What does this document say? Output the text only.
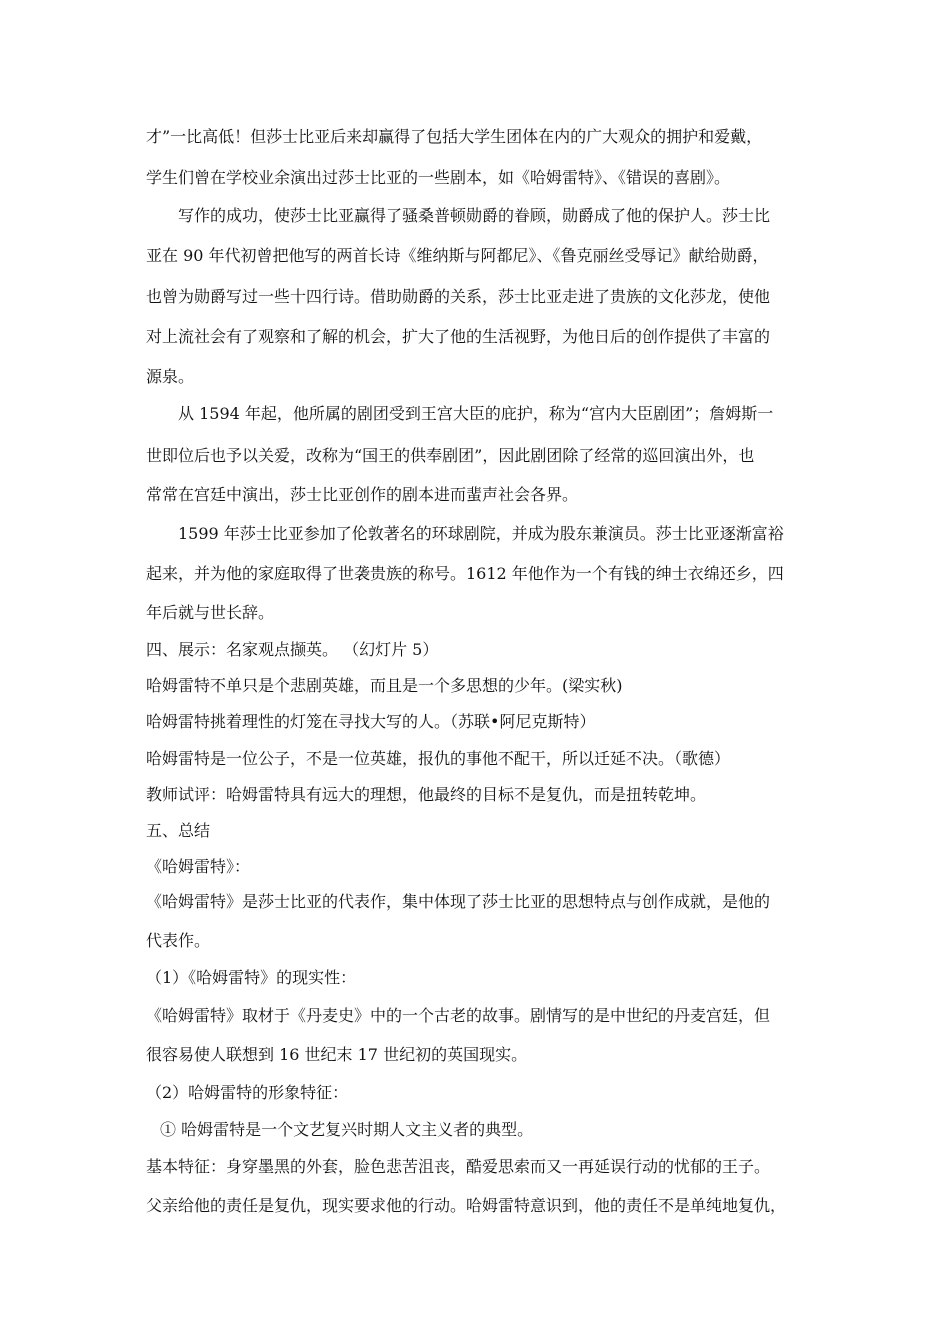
才”一比高低！但莎士比亚后来却赢得了包括大学生团体在内的广大观众的拥护和爱戴，
学生们曾在学校业余演出过莎士比亚的一些剧本，如《哈姆雷特》、《错误的喜剧》。
写作的成功，使莎士比亚赢得了骚桑普顿勋爵的眷顾，勋爵成了他的保护人。莎士比
亚在 90 年代初曾把他写的两首长诗《维纳斯与阿都尼》、《鲁克丽丝受辱记》献给勋爵，
也曾为勋爵写过一些十四行诗。借助勋爵的关系，莎士比亚走进了贵族的文化莎龙，使他
对上流社会有了观察和了解的机会，扩大了他的生活视野，为他日后的创作提供了丰富的
源泉。
从 1594 年起，他所属的剧团受到王宫大臣的庇护，称为“宫内大臣剧团”；詹姆斯一
世即位后也予以关爱，改称为“国王的供奉剧团”，因此剧团除了经常的巡回演出外，也
常常在宫廷中演出，莎士比亚创作的剧本进而蜚声社会各界。
1599 年莎士比亚参加了伦敦著名的环球剧院，并成为股东兼演员。莎士比亚逐渐富裕
起来，并为他的家庭取得了世袭贵族的称号。1612 年他作为一个有钱的绅士衣绵还乡，四
年后就与世长辞。
四、展示：名家观点撷英。 （幻灯片 5）
哈姆雷特不单只是个悲剧英雄，而且是一个多思想的少年。(梁实秋)
哈姆雷特挑着理性的灯笼在寻找大写的人。（苏联•阿尼克斯特）
哈姆雷特是一位公子，不是一位英雄，报仇的事他不配干，所以迁延不决。（歌德）
教师试评：哈姆雷特具有远大的理想，他最终的目标不是复仇，而是扭转乾坤。
五、总结
《哈姆雷特》：
《哈姆雷特》是莎士比亚的代表作，集中体现了莎士比亚的思想特点与创作成就，是他的
代表作。
（1）《哈姆雷特》的现实性：
《哈姆雷特》取材于《丹麦史》中的一个古老的故事。剧情写的是中世纪的丹麦宫廷，但
很容易使人联想到 16 世纪末 17 世纪初的英国现实。
（2）哈姆雷特的形象特征：
① 哈姆雷特是一个文艺复兴时期人文主义者的典型。
基本特征：身穿墨黑的外套，脸色悲苦沮丧，酷爱思索而又一再延误行动的忧郁的王子。
父亲给他的责任是复仇，现实要求他的行动。哈姆雷特意识到，他的责任不是单纯地复仇，
